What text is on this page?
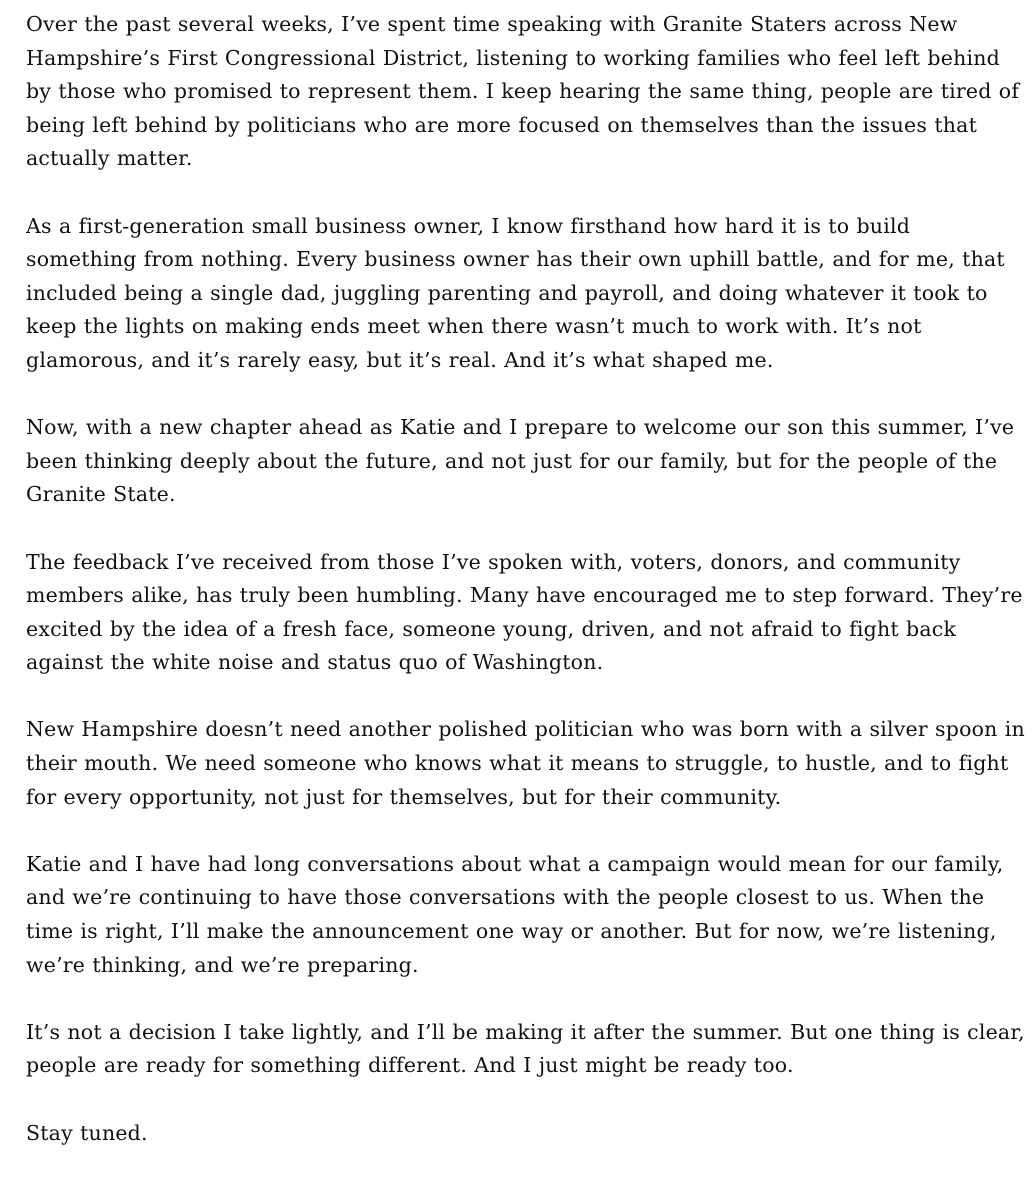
Over the past several weeks, I’ve spent time speaking with Granite Staters across New Hampshire’s First Congressional District, listening to working families who feel left behind by those who promised to represent them. I keep hearing the same thing, people are tired of being left behind by politicians who are more focused on themselves than the issues that actually matter.

As a first-generation small business owner, I know firsthand how hard it is to build something from nothing. Every business owner has their own uphill battle, and for me, that included being a single dad, juggling parenting and payroll, and doing whatever it took to keep the lights on making ends meet when there wasn’t much to work with. It’s not glamorous, and it’s rarely easy, but it’s real. And it’s what shaped me.

Now, with a new chapter ahead as Katie and I prepare to welcome our son this summer, I’ve been thinking deeply about the future, and not just for our family, but for the people of the Granite State.

The feedback I’ve received from those I’ve spoken with, voters, donors, and community members alike, has truly been humbling. Many have encouraged me to step forward. They’re excited by the idea of a fresh face, someone young, driven, and not afraid to fight back against the white noise and status quo of Washington.

New Hampshire doesn’t need another polished politician who was born with a silver spoon in their mouth. We need someone who knows what it means to struggle, to hustle, and to fight for every opportunity, not just for themselves, but for their community.

Katie and I have had long conversations about what a campaign would mean for our family, and we’re continuing to have those conversations with the people closest to us. When the time is right, I’ll make the announcement one way or another. But for now, we’re listening, we’re thinking, and we’re preparing.

It’s not a decision I take lightly, and I’ll be making it after the summer. But one thing is clear, people are ready for something different. And I just might be ready too.

Stay tuned.
